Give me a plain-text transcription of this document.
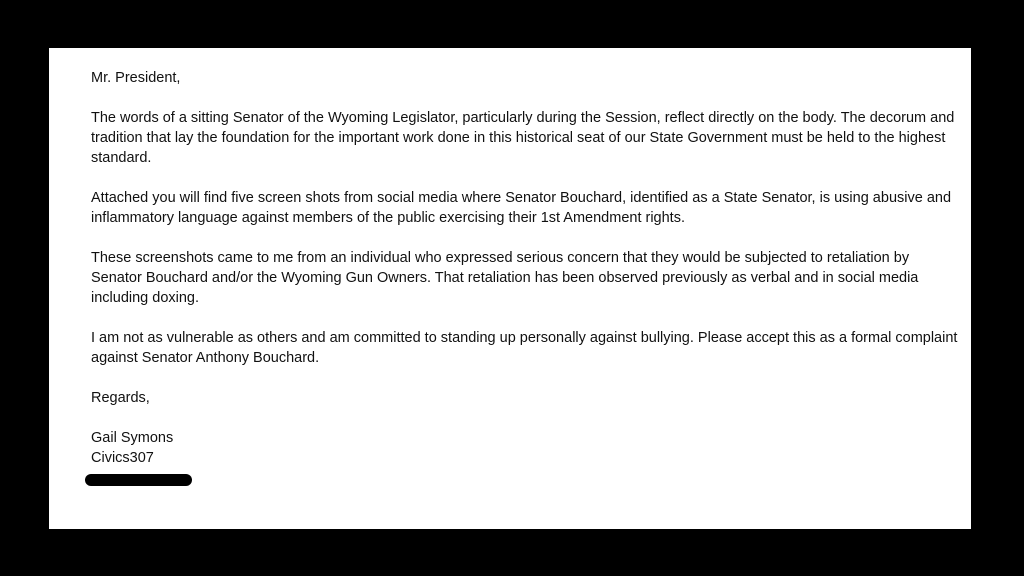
Mr. President,

The words of a sitting Senator of the Wyoming Legislator, particularly during the Session, reflect directly on the body. The decorum and tradition that lay the foundation for the important work done in this historical seat of our State Government must be held to the highest standard.

Attached you will find five screen shots from social media where Senator Bouchard, identified as a State Senator, is using abusive and inflammatory language against members of the public exercising their 1st Amendment rights.

These screenshots came to me from an individual who expressed serious concern that they would be subjected to retaliation by Senator Bouchard and/or the Wyoming Gun Owners. That retaliation has been observed previously as verbal and in social media including doxing.

I am not as vulnerable as others and am committed to standing up personally against bullying. Please accept this as a formal complaint against Senator Anthony Bouchard.

Regards,

Gail Symons

Civics307
